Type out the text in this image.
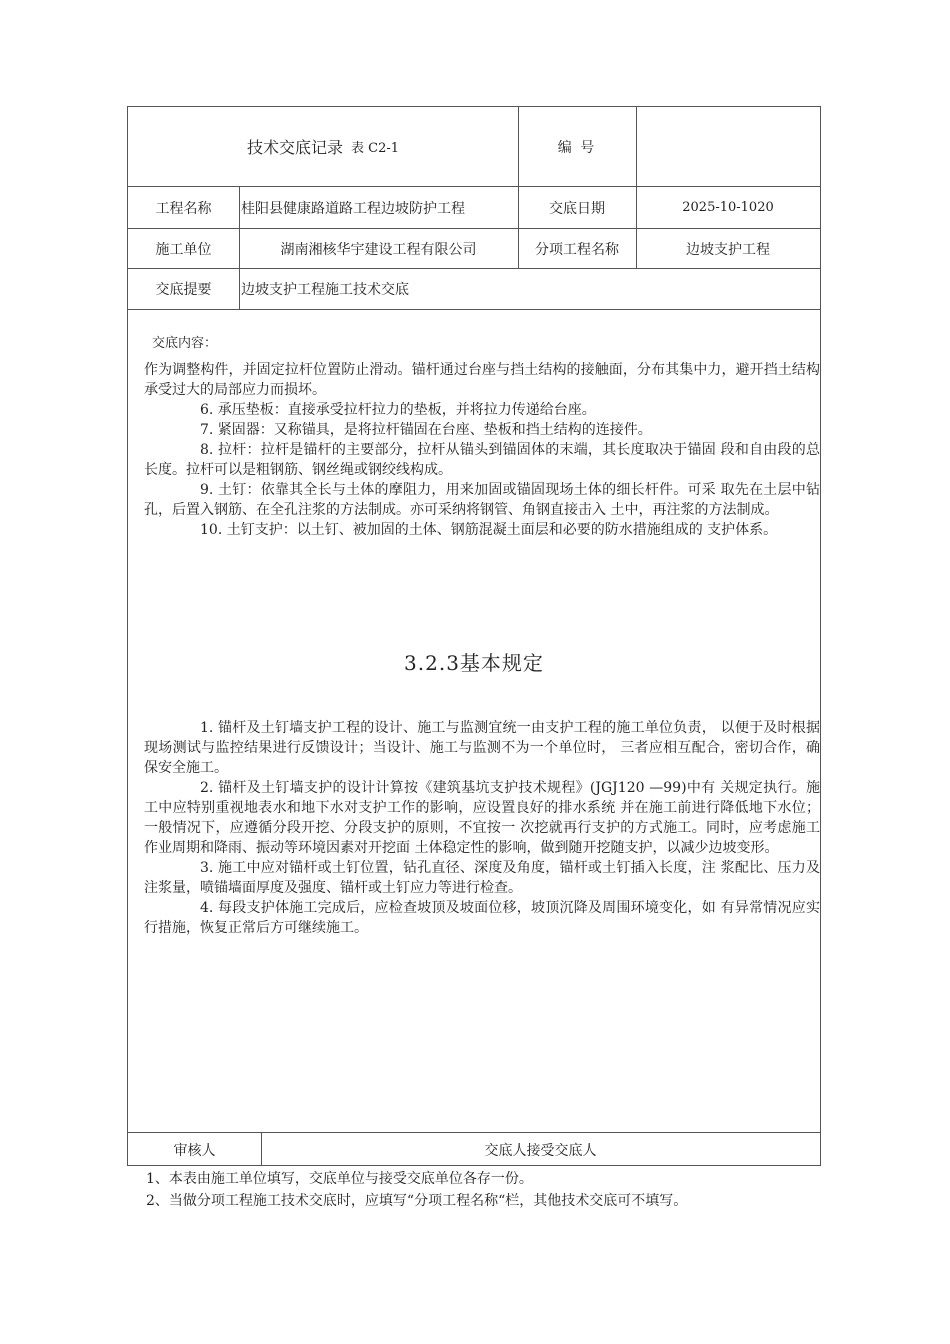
技术交底记录 表 C2-1	编 号
工程名称	桂阳县健康路道路工程边坡防护工程	交底日期	2025-10-1020
施工单位	湖南湘核华宇建设工程有限公司	分项工程名称	边坡支护工程
交底提要	边坡支护工程施工技术交底
交底内容：

作为调整构件，并固定拉杆位置防止滑动。锚杆通过台座与挡土结构的接触面，分布其集中力，避开挡土结构承受过大的局部应力而损坏。

6. 承压垫板：直接承受拉杆拉力的垫板，并将拉力传递给台座。

7. 紧固器：又称锚具，是将拉杆锚固在台座、垫板和挡土结构的连接件。

8. 拉杆：拉杆是锚杆的主要部分，拉杆从锚头到锚固体的末端，其长度取决于锚固 段和自由段的总长度。拉杆可以是粗钢筋、钢丝绳或钢绞线构成。

9. 土钉：依靠其全长与土体的摩阻力，用来加固或锚固现场土体的细长杆件。可采 取先在土层中钻孔，后置入钢筋、在全孔注浆的方法制成。亦可采纳将钢管、角钢直接击入 土中，再注浆的方法制成。

10. 土钉支护：以土钉、被加固的土体、钢筋混凝土面层和必要的防水措施组成的 支护体系。

3.2.3基本规定

1. 锚杆及土钉墙支护工程的设计、施工与监测宜统一由支护工程的施工单位负责， 以便于及时根据现场测试与监控结果进行反馈设计；当设计、施工与监测不为一个单位时， 三者应相互配合，密切合作，确保安全施工。

2. 锚杆及土钉墙支护的设计计算按《建筑基坑支护技术规程》(JGJ120 —99)中有 关规定执行。施工中应特别重视地表水和地下水对支护工作的影响，应设置良好的排水系统 并在施工前进行降低地下水位；一般情况下，应遵循分段开挖、分段支护的原则，不宜按一 次挖就再行支护的方式施工。同时，应考虑施工作业周期和降雨、振动等环境因素对开挖面 土体稳定性的影响，做到随开挖随支护，以减少边坡变形。

3. 施工中应对锚杆或土钉位置，钻孔直径、深度及角度，锚杆或土钉插入长度，注 浆配比、压力及注浆量，喷锚墙面厚度及强度、锚杆或土钉应力等进行检查。

4. 每段支护体施工完成后，应检查坡顶及坡面位移，坡顶沉降及周围环境变化，如 有异常情况应实行措施，恢复正常后方可继续施工。

审核人	交底人接受交底人
1、本表由施工单位填写，交底单位与接受交底单位各存一份。
2、当做分项工程施工技术交底时，应填写“分项工程名称“栏，其他技术交底可不填写。
